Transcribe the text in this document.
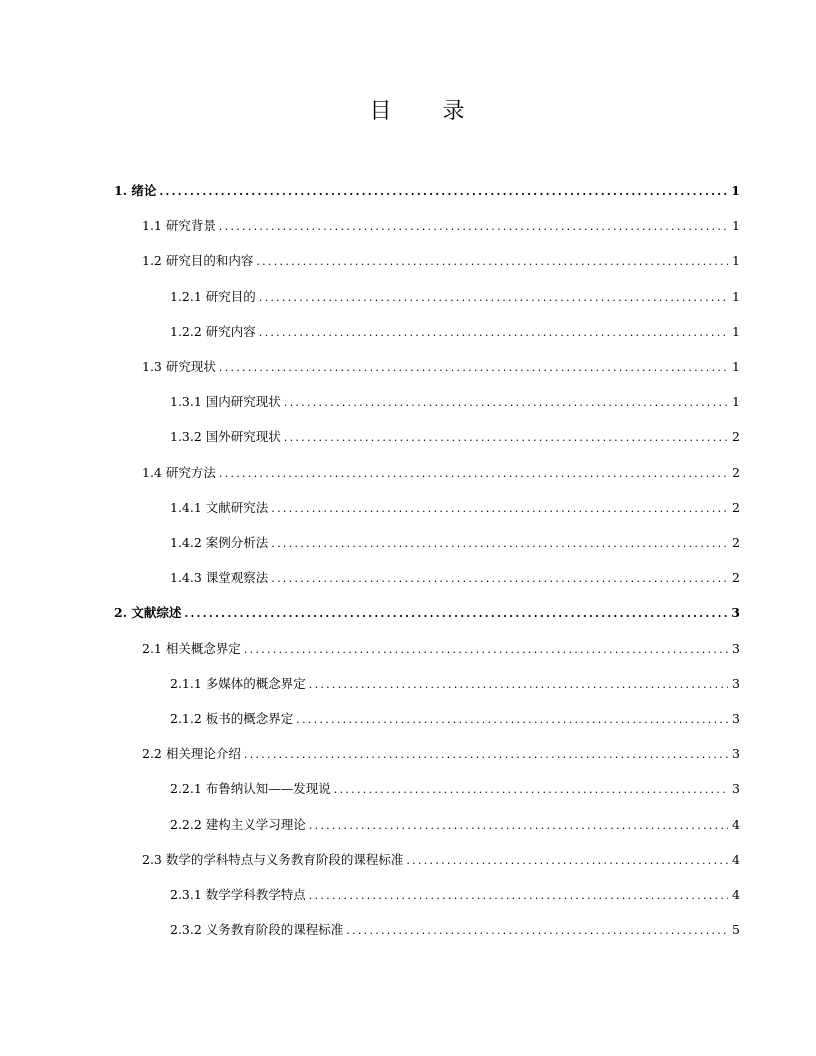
目 录
1. 绪论 .....	1
1.1 研究背景 .....	1
1.2 研究目的和内容 .....	1
1.2.1 研究目的 .....	1
1.2.2 研究内容 .....	1
1.3 研究现状 .....	1
1.3.1 国内研究现状 .....	1
1.3.2 国外研究现状 .....	2
1.4 研究方法 .....	2
1.4.1 文献研究法 .....	2
1.4.2 案例分析法 .....	2
1.4.3 课堂观察法 .....	2
2. 文献综述 .....	3
2.1 相关概念界定 .....	3
2.1.1 多媒体的概念界定 .....	3
2.1.2 板书的概念界定 .....	3
2.2 相关理论介绍 .....	3
2.2.1 布鲁纳认知——发现说 .....	3
2.2.2 建构主义学习理论 .....	4
2.3 数学的学科特点与义务教育阶段的课程标准 .....	4
2.3.1 数学学科教学特点 .....	4
2.3.2 义务教育阶段的课程标准 .....	5
